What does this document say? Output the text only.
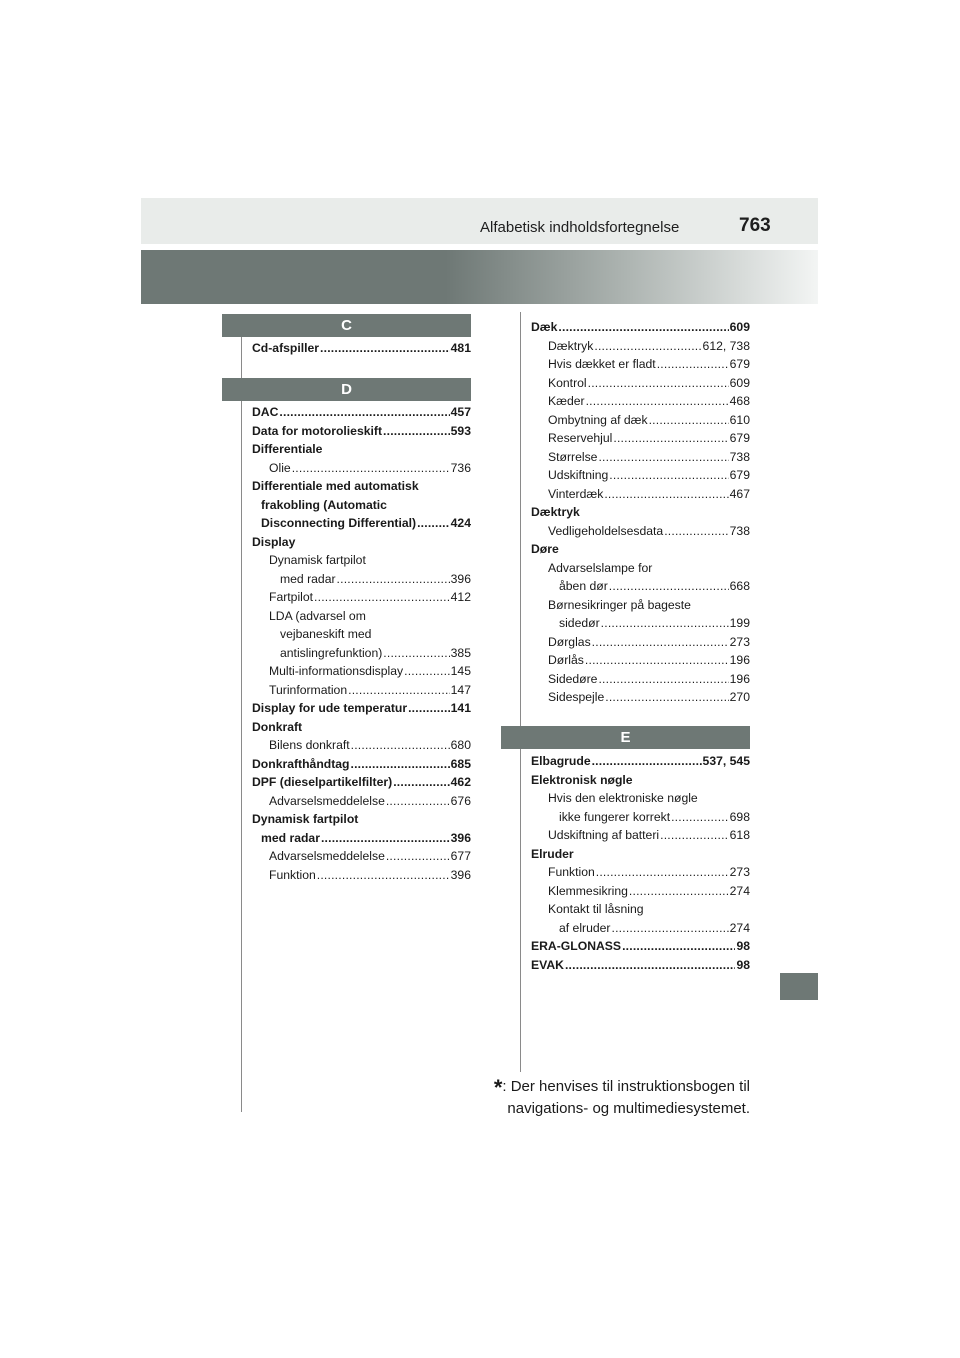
Alfabetisk indholdsfortegnelse	763
C
Cd-afspiller .....	481
D
DAC .....	457
Data for motorolieskift .....	593
Differentiale
Olie .....	736
Differentiale med automatisk
frakobling (Automatic
Disconnecting Differential) .....	424
Display
Dynamisk fartpilot
med radar .....	396
Fartpilot .....	412
LDA (advarsel om
vejbaneskift med
antislingrefunktion) .....	385
Multi-informationsdisplay .....	145
Turinformation .....	147
Display for ude temperatur .....	141
Donkraft
Bilens donkraft .....	680
Donkrafthåndtag .....	685
DPF (dieselpartikelfilter) .....	462
Advarselsmeddelelse .....	676
Dynamisk fartpilot
med radar .....	396
Advarselsmeddelelse .....	677
Funktion .....	396
Dæk .....	609
Dæktryk .....	612, 738
Hvis dækket er fladt .....	679
Kontrol .....	609
Kæder .....	468
Ombytning af dæk .....	610
Reservehjul .....	679
Størrelse .....	738
Udskiftning .....	679
Vinterdæk .....	467
Dæktryk
Vedligeholdelsesdata .....	738
Døre
Advarselslampe for
åben dør .....	668
Børnesikringer på bageste
sidedør .....	199
Dørglas .....	273
Dørlås .....	196
Sidedøre .....	196
Sidespejle .....	270
E
Elbagrude .....	537, 545
Elektronisk nøgle
Hvis den elektroniske nøgle
ikke fungerer korrekt .....	698
Udskiftning af batteri .....	618
Elruder
Funktion .....	273
Klemmesikring .....	274
Kontakt til låsning
af elruder .....	274
ERA-GLONASS .....	98
EVAK .....	98
*: Der henvises til instruktionsbogen til
navigations- og multimediesystemet.
